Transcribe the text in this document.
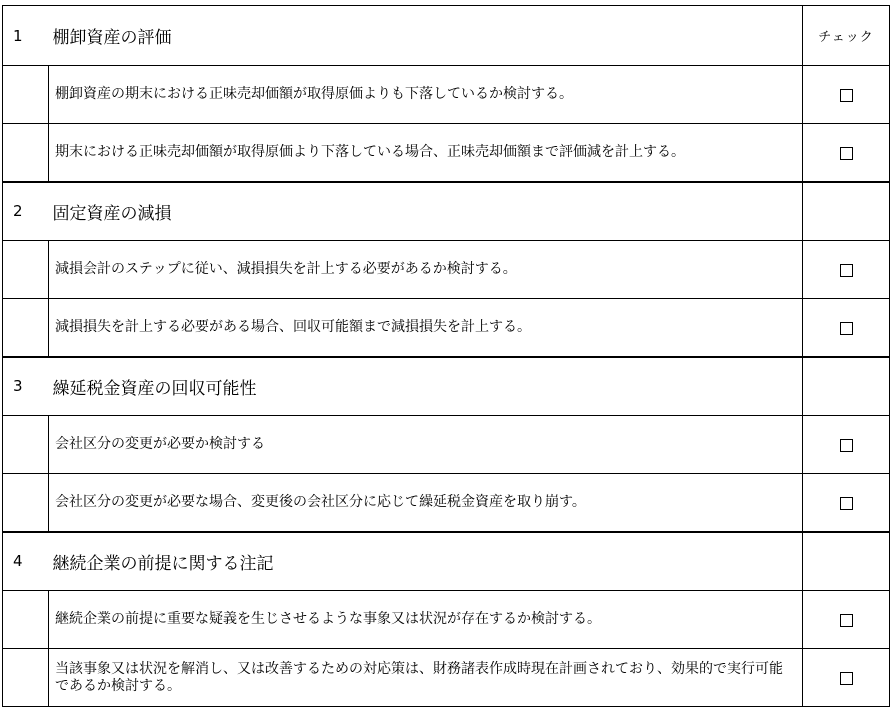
1	棚卸資産の評価	チェック
	棚卸資産の期末における正味売却価額が取得原価よりも下落しているか検討する。	
	期末における正味売却価額が取得原価より下落している場合、正味売却価額まで評価減を計上する。	
2	固定資産の減損	
	減損会計のステップに従い、減損損失を計上する必要があるか検討する。	
	減損損失を計上する必要がある場合、回収可能額まで減損損失を計上する。	
3	繰延税金資産の回収可能性	
	会社区分の変更が必要か検討する	
	会社区分の変更が必要な場合、変更後の会社区分に応じて繰延税金資産を取り崩す。	
4	継続企業の前提に関する注記	
	継続企業の前提に重要な疑義を生じさせるような事象又は状況が存在するか検討する。	
	当該事象又は状況を解消し、又は改善するための対応策は、財務諸表作成時現在計画されており、効果的で実行可能であるか検討する。	
